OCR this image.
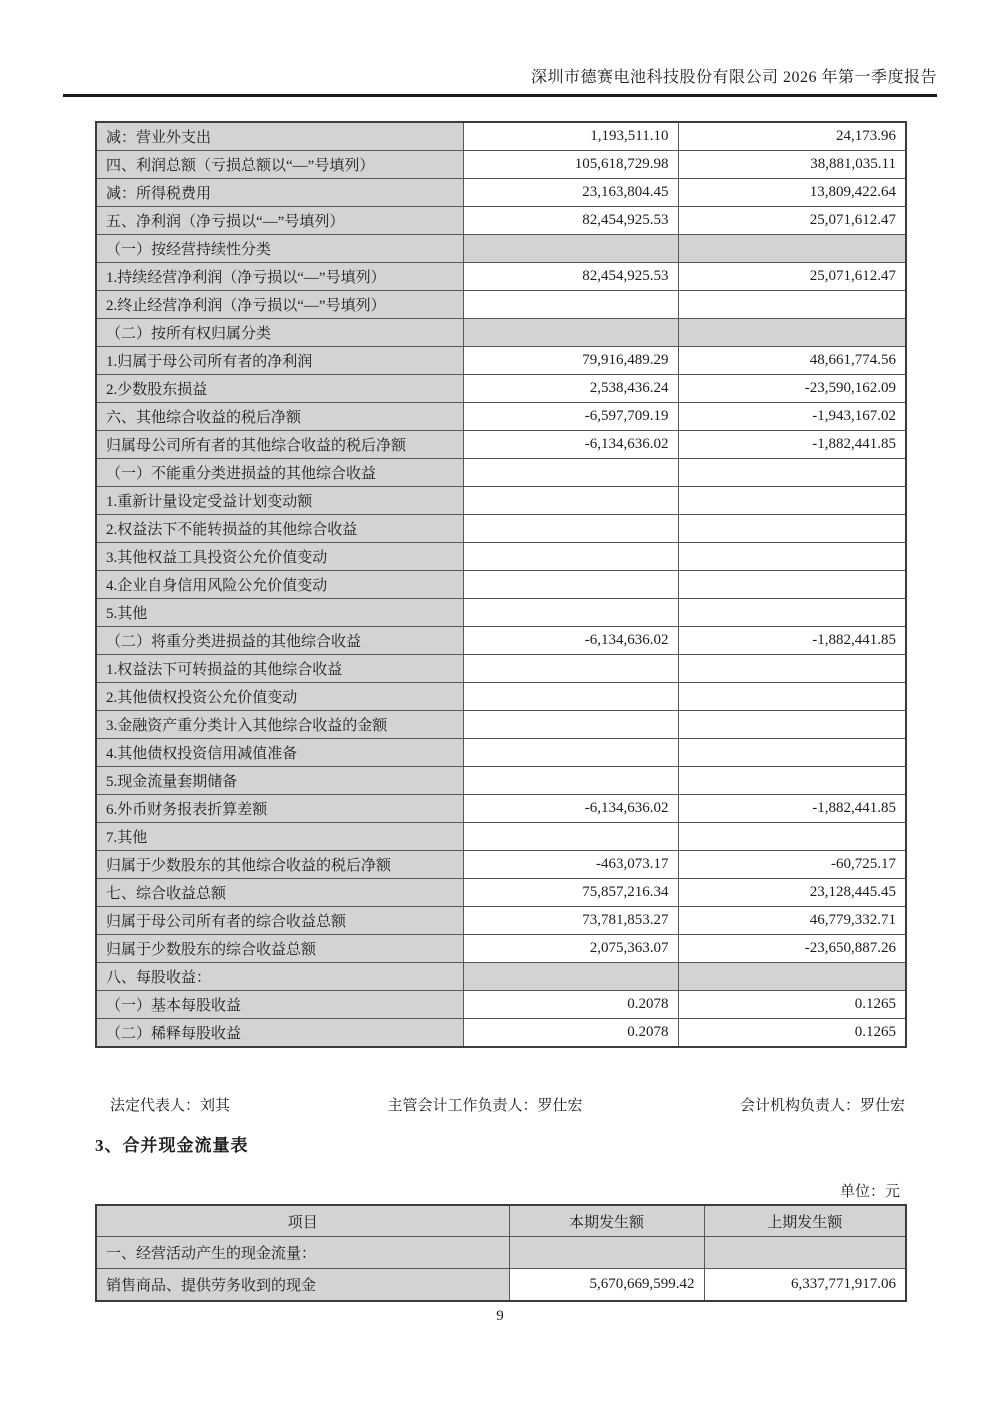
深圳市德赛电池科技股份有限公司 2026 年第一季度报告
减：营业外支出	1,193,511.10	24,173.96
四、利润总额（亏损总额以“—”号填列）	105,618,729.98	38,881,035.11
减：所得税费用	23,163,804.45	13,809,422.64
五、净利润（净亏损以“—”号填列）	82,454,925.53	25,071,612.47
（一）按经营持续性分类		
1.持续经营净利润（净亏损以“—”号填列）	82,454,925.53	25,071,612.47
2.终止经营净利润（净亏损以“—”号填列）		
（二）按所有权归属分类		
1.归属于母公司所有者的净利润	79,916,489.29	48,661,774.56
2.少数股东损益	2,538,436.24	-23,590,162.09
六、其他综合收益的税后净额	-6,597,709.19	-1,943,167.02
归属母公司所有者的其他综合收益的税后净额	-6,134,636.02	-1,882,441.85
（一）不能重分类进损益的其他综合收益		
1.重新计量设定受益计划变动额		
2.权益法下不能转损益的其他综合收益		
3.其他权益工具投资公允价值变动		
4.企业自身信用风险公允价值变动		
5.其他		
（二）将重分类进损益的其他综合收益	-6,134,636.02	-1,882,441.85
1.权益法下可转损益的其他综合收益		
2.其他债权投资公允价值变动		
3.金融资产重分类计入其他综合收益的金额		
4.其他债权投资信用减值准备		
5.现金流量套期储备		
6.外币财务报表折算差额	-6,134,636.02	-1,882,441.85
7.其他		
归属于少数股东的其他综合收益的税后净额	-463,073.17	-60,725.17
七、综合收益总额	75,857,216.34	23,128,445.45
归属于母公司所有者的综合收益总额	73,781,853.27	46,779,332.71
归属于少数股东的综合收益总额	2,075,363.07	-23,650,887.26
八、每股收益：		
（一）基本每股收益	0.2078	0.1265
（二）稀释每股收益	0.2078	0.1265
法定代表人：刘其	主管会计工作负责人：罗仕宏	会计机构负责人：罗仕宏
3、合并现金流量表
单位：元
项目	本期发生额	上期发生额
一、经营活动产生的现金流量：		
销售商品、提供劳务收到的现金	5,670,669,599.42	6,337,771,917.06
9
